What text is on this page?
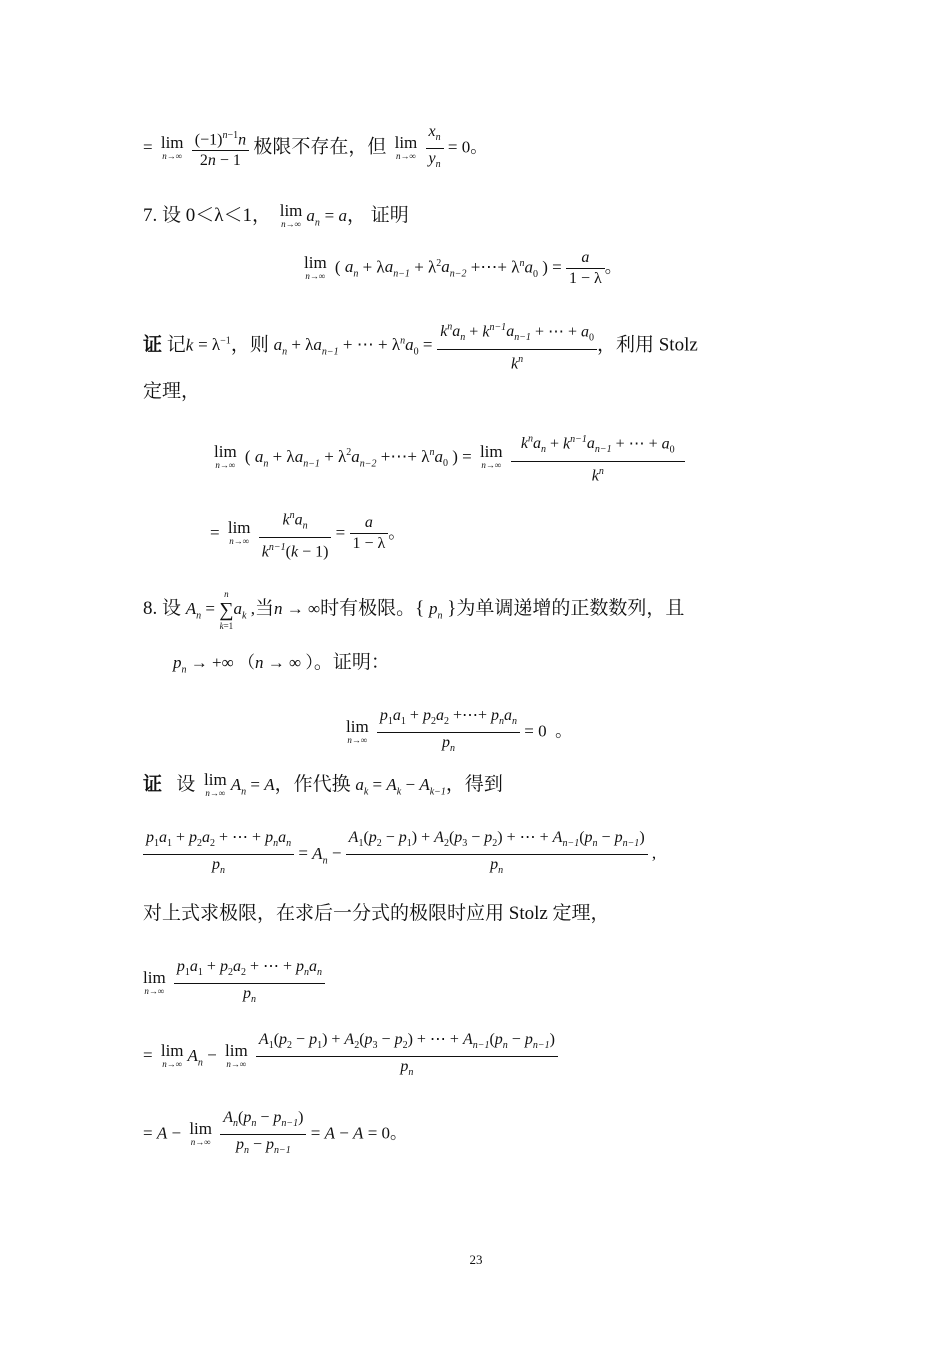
= lim
n→∞
$\frac{(-1)^{n-1}n}{2n - 1}$ 极限不存在，但 lim
n→∞
$\frac{x_n}{y_n} = 0$。
7. 设 0＜λ＜1， lim
n→∞ $a_n = a$， 证明
lim
n→∞ ( $a_n + \lambda a_{n-1} + \lambda^2a_{n-2}$ +⋯+ $\lambda^na_0$ ) = $\frac{a}{1 - \lambda}$ 。
证 记$k = \lambda^{-1}$，则 $a_n + \lambda a_{n-1}$ + ⋯ + $\lambda^na_0 = \frac{k^na_n + k^{n-1}a_{n-1} + \cdots + a_0}{k^n}$ ，利用 Stolz
定理，
lim
n→∞ ( $a_n + \lambda a_{n-1} + \lambda^2a_{n-2}$ +⋯+ $\lambda^na_0$ ) = lim
n→∞
$\frac{k^na_n + k^{n-1}a_{n-1} + \cdots + a_0}{k^n}$
= lim
n→∞
$\frac{k^na_n}{k^{n-1}(k - 1)} = \frac{a}{1 - \lambda}$ 。
8. 设 $A_n$ =
n
∑
k=1
$a_k$ ,当n → ∞时有极限。{ $p_n$ }为单调递增的正数数列，且
$p_n$ → +∞ （n → ∞ ）。证明：
lim
n→∞
$\frac{p_1a_1 + p_2a_2 +\cdots+ p_na_n}{p_n} = 0$  。
证 设 lim
n→∞ $A_n = A$，作代换 $a_k = A_k - A_{k-1}$，得到
$\frac{p_1a_1 + p_2a_2 + \cdots + p_na_n}{p_n} = A_n - \frac{A_1(p_2 - p_1) + A_2(p_3 - p_2) + \cdots + A_{n-1}(p_n - p_{n-1})}{p_n}$ ,
对上式求极限，在求后一分式的极限时应用 Stolz 定理，
lim
n→∞
$\frac{p_1a_1 + p_2a_2 + \cdots + p_na_n}{p_n}$
= lim
n→∞ $A_n - \lim$
n→∞
$\frac{A_1(p_2 - p_1) + A_2(p_3 - p_2) + \cdots + A_{n-1}(p_n - p_{n-1})}{p_n}$
= A − lim
n→∞
$\frac{A_n(p_n - p_{n-1})}{p_n - p_{n-1}} = A - A = 0$。
23
